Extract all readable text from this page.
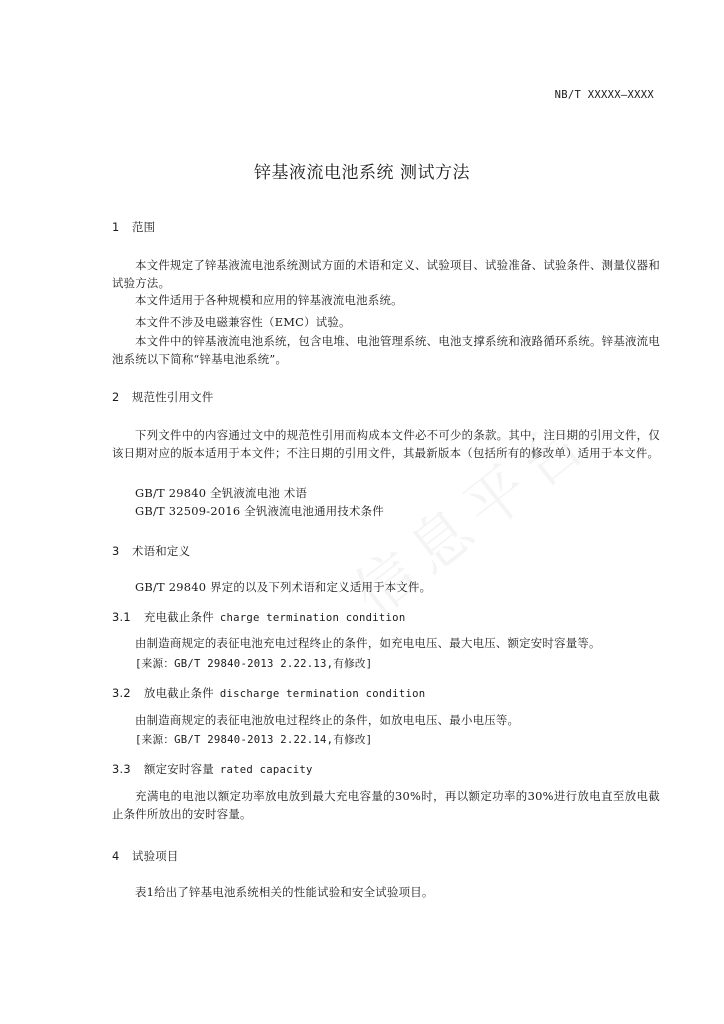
NB/T XXXXX—XXXX
锌基液流电池系统 测试方法
1 范围
本文件规定了锌基液流电池系统测试方面的术语和定义、试验项目、试验准备、试验条件、测量仪器和试验方法。
本文件适用于各种规模和应用的锌基液流电池系统。
本文件不涉及电磁兼容性（EMC）试验。
本文件中的锌基液流电池系统，包含电堆、电池管理系统、电池支撑系统和液路循环系统。锌基液流电池系统以下简称“锌基电池系统”。
2 规范性引用文件
下列文件中的内容通过文中的规范性引用而构成本文件必不可少的条款。其中，注日期的引用文件，仅该日期对应的版本适用于本文件；不注日期的引用文件，其最新版本（包括所有的修改单）适用于本文件。
GB/T 29840 全钒液流电池 术语
GB/T 32509-2016 全钒液流电池通用技术条件
3 术语和定义
GB/T 29840 界定的以及下列术语和定义适用于本文件。
3.1 充电截止条件 charge termination condition
由制造商规定的表征电池充电过程终止的条件，如充电电压、最大电压、额定安时容量等。
[来源：GB/T 29840-2013 2.22.13,有修改]
3.2 放电截止条件 discharge termination condition
由制造商规定的表征电池放电过程终止的条件，如放电电压、最小电压等。
[来源：GB/T 29840-2013 2.22.14,有修改]
3.3 额定安时容量 rated capacity
充满电的电池以额定功率放电放到最大充电容量的30%时，再以额定功率的30%进行放电直至放电截止条件所放出的安时容量。
4 试验项目
表1给出了锌基电池系统相关的性能试验和安全试验项目。
